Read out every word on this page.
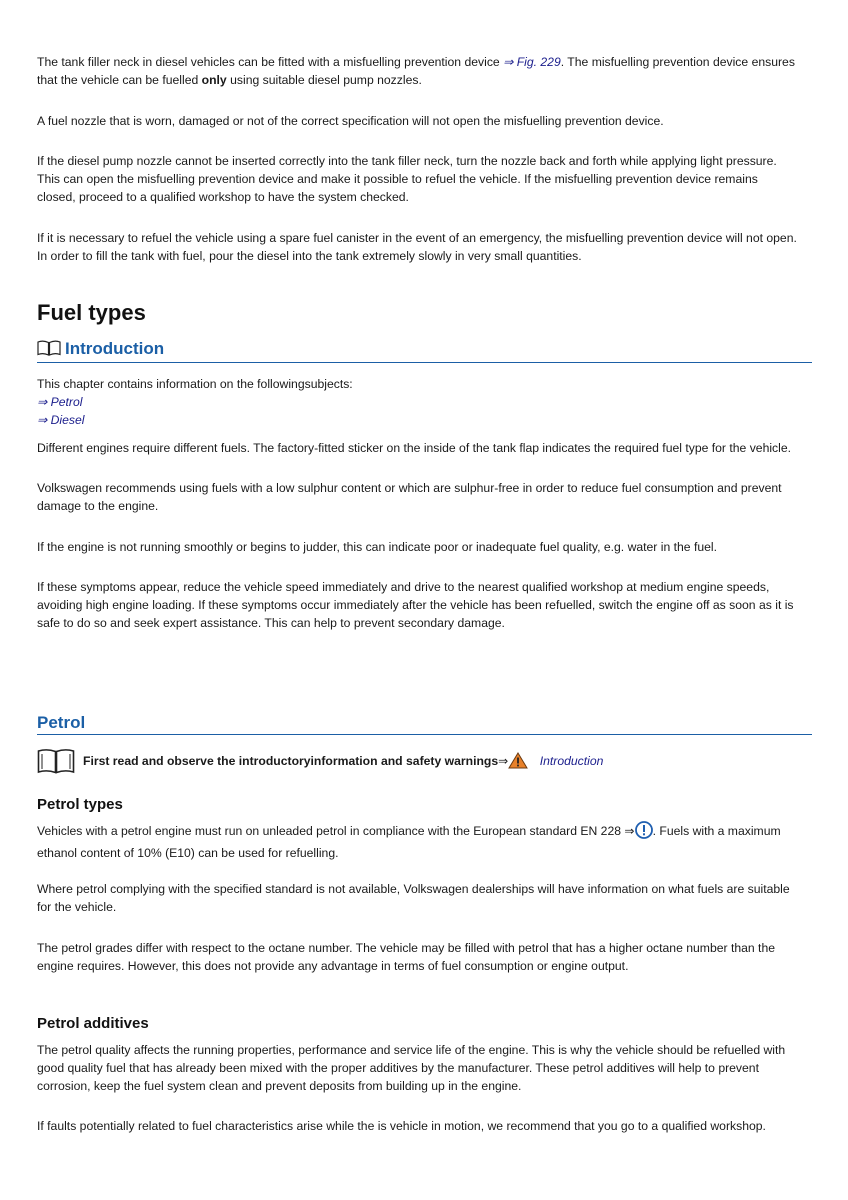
The tank filler neck in diesel vehicles can be fitted with a misfuelling prevention device ⇒ Fig. 229. The misfuelling prevention device ensures

that the vehicle can be fuelled only using suitable diesel pump nozzles.

A fuel nozzle that is worn, damaged or not of the correct specification will not open the misfuelling prevention device.

If the diesel pump nozzle cannot be inserted correctly into the tank filler neck, turn the nozzle back and forth while applying light pressure.

This can open the misfuelling prevention device and make it possible to refuel the vehicle. If the misfuelling prevention device remains

closed, proceed to a qualified workshop to have the system checked.

If it is necessary to refuel the vehicle using a spare fuel canister in the event of an emergency, the misfuelling prevention device will not open.

In order to fill the tank with fuel, pour the diesel into the tank extremely slowly in very small quantities.

Fuel types
Introduction

This chapter contains information on the followingsubjects:

⇒ Petrol

⇒ Diesel

Different engines require different fuels. The factory-fitted sticker on the inside of the tank flap indicates the required fuel type for the vehicle.

Volkswagen recommends using fuels with a low sulphur content or which are sulphur-free in order to reduce fuel consumption and prevent

damage to the engine.

If the engine is not running smoothly or begins to judder, this can indicate poor or inadequate fuel quality, e.g. water in the fuel.

If these symptoms appear, reduce the vehicle speed immediately and drive to the nearest qualified workshop at medium engine speeds,

avoiding high engine loading. If these symptoms occur immediately after the vehicle has been refuelled, switch the engine off as soon as it is

safe to do so and seek expert assistance. This can help to prevent secondary damage.

Petrol
First read and observe the introductoryinformation and safety warnings⇒	Introduction
Petrol types

Vehicles with a petrol engine must run on unleaded petrol in compliance with the European standard EN 228 ⇒ . Fuels with a maximum

ethanol content of 10% (E10) can be used for refuelling.

Where petrol complying with the specified standard is not available, Volkswagen dealerships will have information on what fuels are suitable

for the vehicle.

The petrol grades differ with respect to the octane number. The vehicle may be filled with petrol that has a higher octane number than the

engine requires. However, this does not provide any advantage in terms of fuel consumption or engine output.

Petrol additives

The petrol quality affects the running properties, performance and service life of the engine. This is why the vehicle should be refuelled with

good quality fuel that has already been mixed with the proper additives by the manufacturer. These petrol additives will help to prevent

corrosion, keep the fuel system clean and prevent deposits from building up in the engine.

If faults potentially related to fuel characteristics arise while the is vehicle in motion, we recommend that you go to a qualified workshop.
